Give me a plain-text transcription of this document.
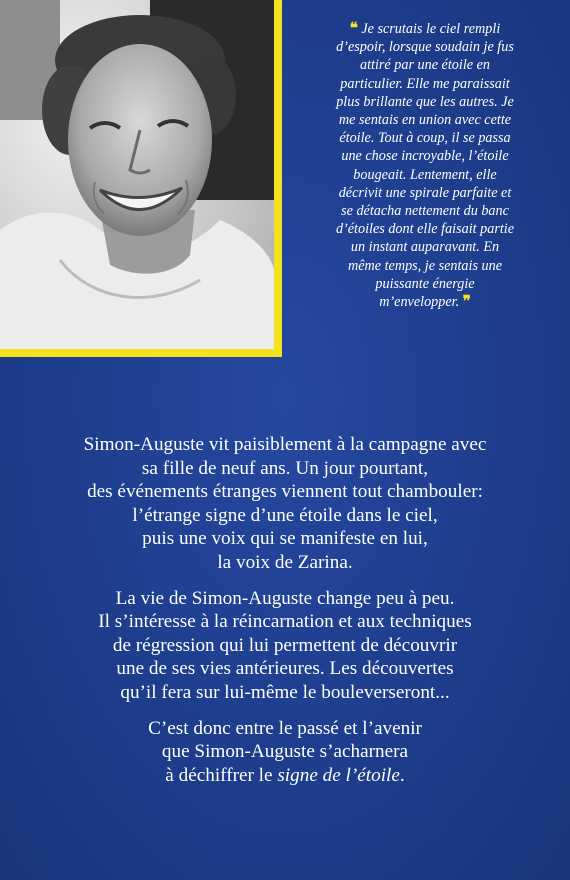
❝ Je scrutais le ciel rempli
d’espoir, lorsque soudain je fus
attiré par une étoile en
particulier. Elle me paraissait
plus brillante que les autres. Je
me sentais en union avec cette
étoile. Tout à coup, il se passa
une chose incroyable, l’étoile
bougeait. Lentement, elle
décrivit une spirale parfaite et
se détacha nettement du banc
d’étoiles dont elle faisait partie
un instant auparavant. En
même temps, je sentais une
puissante énergie
m’envelopper. ❞

Simon-Auguste vit paisiblement à la campagne avec
sa fille de neuf ans. Un jour pourtant,
des événements étranges viennent tout chambouler:
l’étrange signe d’une étoile dans le ciel,
puis une voix qui se manifeste en lui,
la voix de Zarina.

La vie de Simon-Auguste change peu à peu.
Il s’intéresse à la réincarnation et aux techniques
de régression qui lui permettent de découvrir
une de ses vies antérieures. Les découvertes
qu’il fera sur lui-même le bouleverseront...

C’est donc entre le passé et l’avenir
que Simon-Auguste s’acharnera
à déchiffrer le signe de l’étoile.
